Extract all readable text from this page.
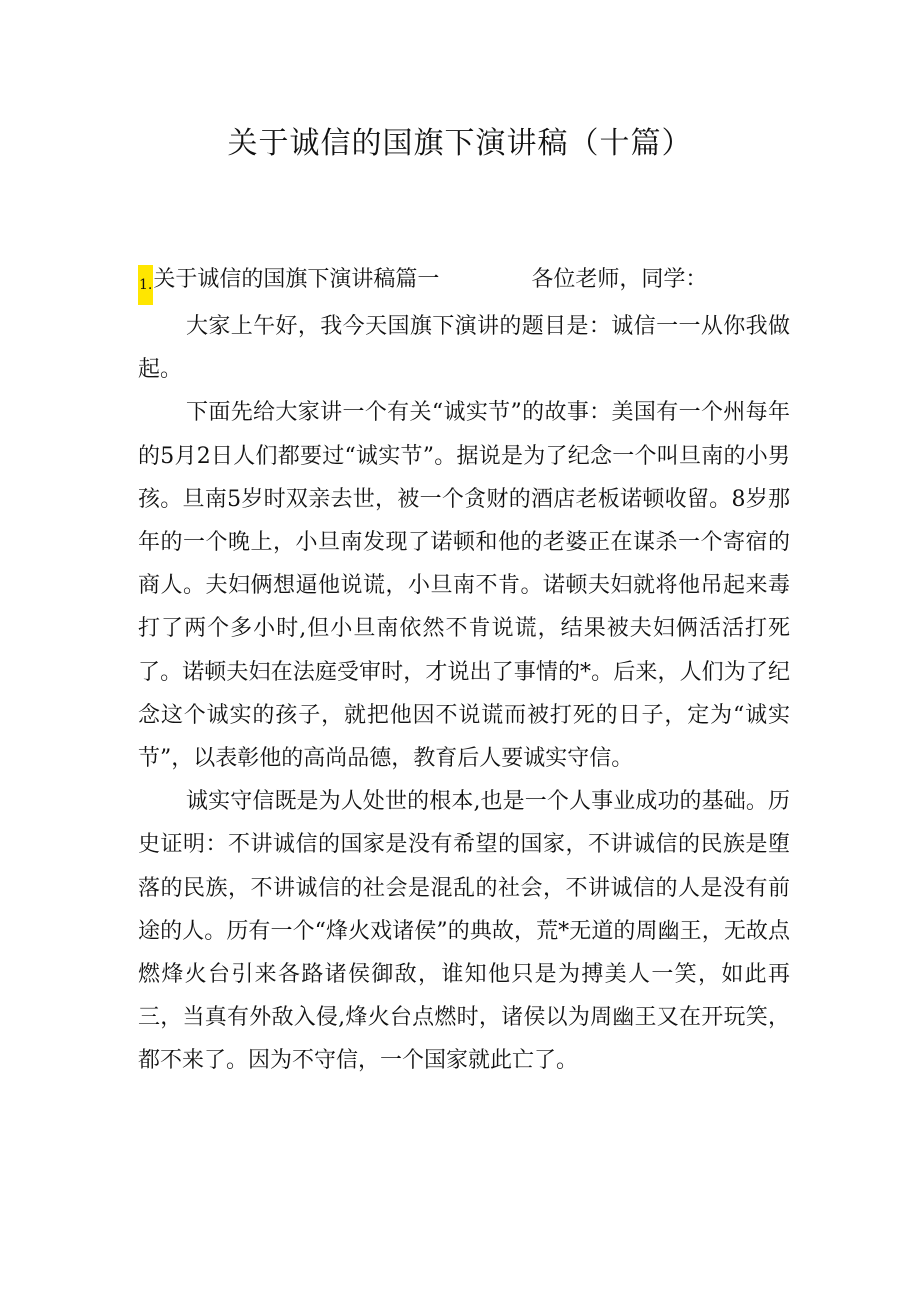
关于诚信的国旗下演讲稿（十篇）

1.关于诚信的国旗下演讲稿篇一	各位老师，同学：

大家上午好，我今天国旗下演讲的题目是：诚信一一从你我做起。

下面先给大家讲一个有关“诚实节”的故事：美国有一个州每年的5月2日人们都要过“诚实节”。据说是为了纪念一个叫旦南的小男孩。旦南5岁时双亲去世，被一个贪财的酒店老板诺顿收留。8岁那年的一个晚上，小旦南发现了诺顿和他的老婆正在谋杀一个寄宿的商人。夫妇俩想逼他说谎，小旦南不肯。诺顿夫妇就将他吊起来毒打了两个多小时,但小旦南依然不肯说谎，结果被夫妇俩活活打死了。诺顿夫妇在法庭受审时，才说出了事情的*。后来，人们为了纪念这个诚实的孩子，就把他因不说谎而被打死的日子，定为“诚实节”，以表彰他的高尚品德，教育后人要诚实守信。

诚实守信既是为人处世的根本,也是一个人事业成功的基础。历史证明：不讲诚信的国家是没有希望的国家，不讲诚信的民族是堕落的民族，不讲诚信的社会是混乱的社会，不讲诚信的人是没有前途的人。历有一个“烽火戏诸侯”的典故，荒*无道的周幽王，无故点燃烽火台引来各路诸侯御敌，谁知他只是为搏美人一笑，如此再三，当真有外敌入侵,烽火台点燃时，诸侯以为周幽王又在开玩笑，都不来了。因为不守信，一个国家就此亡了。
